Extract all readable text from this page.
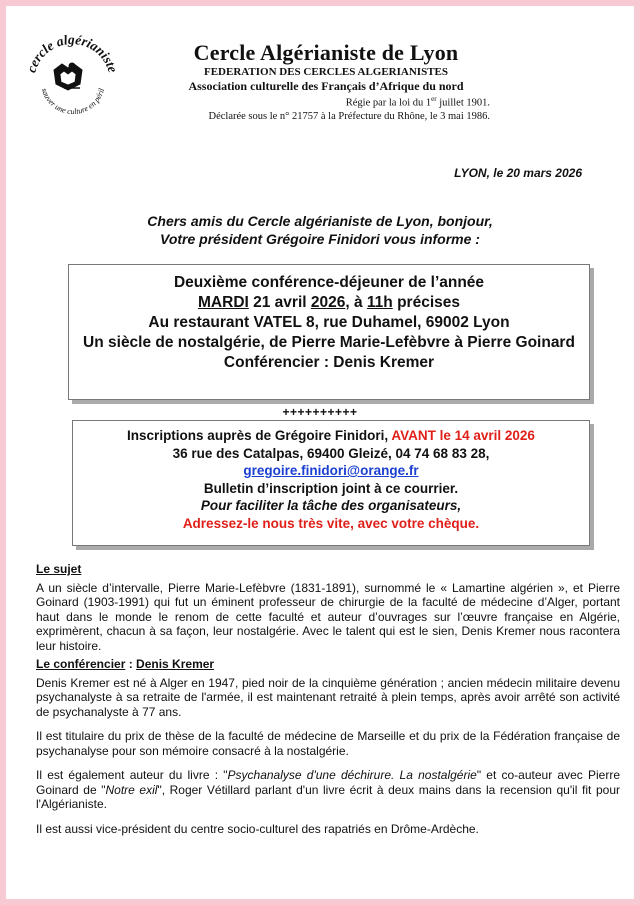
cercle algérianiste
sauver une culture en péril
Cercle Algérianiste de Lyon
FEDERATION DES CERCLES ALGERIANISTES
Association culturelle des Français d’Afrique du nord
Régie par la loi du 1er juillet 1901.
Déclarée sous le n° 21757 à la Préfecture du Rhône, le 3 mai 1986.
LYON, le 20 mars 2026
Chers amis du Cercle algérianiste de Lyon, bonjour,
Votre président Grégoire Finidori vous informe :
Deuxième conférence-déjeuner de l’année
MARDI 21 avril 2026, à 11h précises
Au restaurant VATEL 8, rue Duhamel, 69002 Lyon
Un siècle de nostalgérie, de Pierre Marie-Lefèbvre à Pierre Goinard
Conférencier : Denis Kremer
++++++++++
Inscriptions auprès de Grégoire Finidori, AVANT le 14 avril 2026
36 rue des Catalpas, 69400 Gleizé, 04 74 68 83 28,
gregoire.finidori@orange.fr
Bulletin d’inscription joint à ce courrier.
Pour faciliter la tâche des organisateurs,
Adressez-le nous très vite, avec votre chèque.
Le sujet

A un siècle d’intervalle, Pierre Marie-Lefèbvre (1831-1891), surnommé le « Lamartine algérien », et Pierre Goinard (1903-1991) qui fut un éminent professeur de chirurgie de la faculté de médecine d’Alger, portant haut dans le monde le renom de cette faculté et auteur d’ouvrages sur l’œuvre française en Algérie, exprimèrent, chacun à sa façon, leur nostalgérie. Avec le talent qui est le sien, Denis Kremer nous racontera leur histoire.

Le conférencier : Denis Kremer

Denis Kremer est né à Alger en 1947, pied noir de la cinquième génération ; ancien médecin militaire devenu psychanalyste à sa retraite de l'armée, il est maintenant retraité à plein temps, après avoir arrêté son activité de psychanalyste à 77 ans.

Il est titulaire du prix de thèse de la faculté de médecine de Marseille et du prix de la Fédération française de psychanalyse pour son mémoire consacré à la nostalgérie.

Il est également auteur du livre : "Psychanalyse d'une déchirure. La nostalgérie" et co-auteur avec Pierre Goinard de "Notre exil", Roger Vétillard parlant d'un livre écrit à deux mains dans la recension qu'il fit pour l'Algérianiste.

Il est aussi vice-président du centre socio-culturel des rapatriés en Drôme-Ardèche.
